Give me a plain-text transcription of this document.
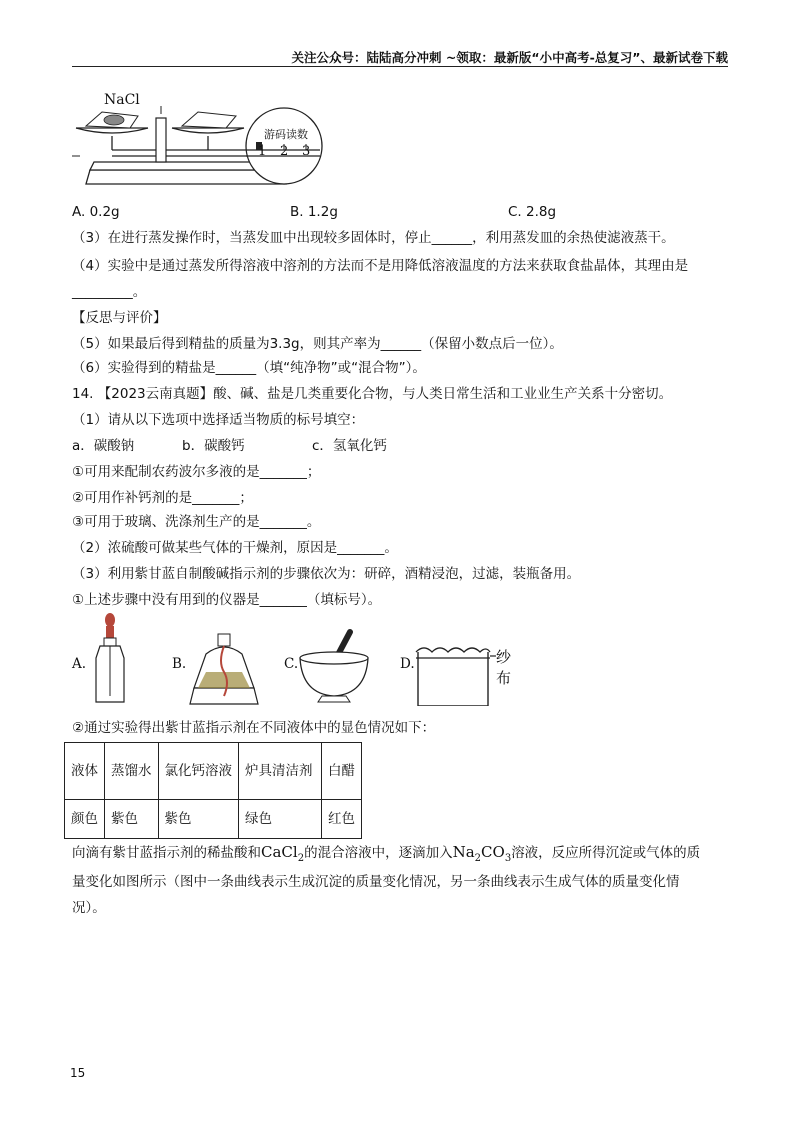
关注公众号：陆陆高分冲刺 ~领取：最新版“小中高考-总复习”、最新试卷下载
NaCl
游码读数
1 2 3
A. 0.2g	B. 1.2g	C. 2.8g
（3）在进行蒸发操作时，当蒸发皿中出现较多固体时，停止______，利用蒸发皿的余热使滤液蒸干。
（4）实验中是通过蒸发所得溶液中溶剂的方法而不是用降低溶液温度的方法来获取食盐晶体，其理由是
_________。
【反思与评价】
（5）如果最后得到精盐的质量为3.3g，则其产率为______（保留小数点后一位）。
（6）实验得到的精盐是______（填“纯净物”或“混合物”）。
14. 【2023云南真题】酸、碱、盐是几类重要化合物，与人类日常生活和工业业生产关系十分密切。
（1）请从以下选项中选择适当物质的标号填空：
a．碳酸钠	b．碳酸钙	c．氢氧化钙
①可用来配制农药波尔多液的是_______；
②可用作补钙剂的是_______；
③可用于玻璃、洗涤剂生产的是_______。
（2）浓硫酸可做某些气体的干燥剂，原因是_______。
（3）利用紫甘蓝自制酸碱指示剂的步骤依次为：研碎，酒精浸泡，过滤，装瓶备用。
①上述步骤中没有用到的仪器是_______（填标号）。
A.	B.	C.	D.	纱布
②通过实验得出紫甘蓝指示剂在不同液体中的显色情况如下：
液体	蒸馏水	氯化钙溶液	炉具清洁剂	白醋
颜色	紫色	紫色	绿色	红色
向滴有紫甘蓝指示剂的稀盐酸和CaCl$_2$的混合溶液中，逐滴加入$Na_2CO_3$溶液，反应所得沉淀或气体的质
量变化如图所示（图中一条曲线表示生成沉淀的质量变化情况，另一条曲线表示生成气体的质量变化情
况）。
15
